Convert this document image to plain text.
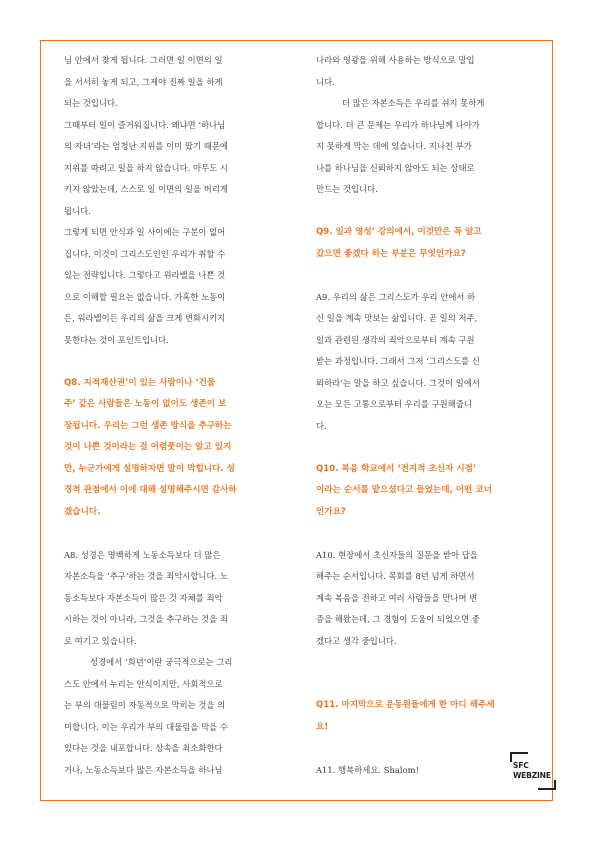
님 안에서 찾게 됩니다. 그러면 일 이면의 일
을 서서히 놓게 되고, 그제야 진짜 일을 하게
되는 것입니다.
그때부터 일이 즐거워집니다. 왜냐면 ‘하나님
의 자녀’라는 엄청난 지위를 이미 땄기 때문에
지위를 따려고 일을 하지 않습니다. 아무도 시
키지 않았는데, 스스로 일 이면의 일을 버리게
됩니다.
그렇게 되면 안식과 일 사이에는 구분이 없어
집니다. 이것이 그리스도인인 우리가 취할 수
있는 전략입니다. 그렇다고 위라밸을 나쁜 것
으로 이해할 필요는 없습니다. 가혹한 노동이
든, 워라밸이든 우리의 삶을 크게 변화시키지
못한다는 것이 포인트입니다.
Q8. 지적재산권’이 있는 사람이나 ‘건물
주’ 같은 사람들은 노동이 없이도 생존이 보
장됩니다. 우리는 그런 생존 방식을 추구하는
것이 나쁜 것이라는 걸 어렴풋이는 알고 있지
만, 누군가에게 설명하자면 말이 막힙니다. 성
경적 관점에서 이에 대해 설명해주시면 감사하
겠습니다.
A8. 성경은 명백하게 노동소득보다 더 많은
자본소득을 ‘추구’하는 것을 죄악시합니다. 노
동소득보다 자본소득이 많은 것 자체를 죄악
시하는 것이 아니라, 그것을 추구하는 것을 죄
로 여기고 있습니다.
성경에서 ‘희년’이란 궁극적으로는 그리
스도 안에서 누리는 안식이지만, 사회적으로
는 부의 대물림이 자동적으로 막히는 것을 의
미합니다. 이는 우리가 부의 대물림을 막을 수
있다는 것을 내포합니다. 상속을 최소화한다
거나, 노동소득보다 많은 자본소득을 하나님
나라와 영광을 위해 사용하는 방식으로 말입
니다.
더 많은 자본소득은 우리를 쉬지 못하게
합니다. 더 큰 문제는 우리가 하나님께 나아가
지 못하게 막는 데에 있습니다. 지나친 부가
나를 하나님을 신뢰하지 않아도 되는 상태로
만드는 것입니다.
Q9. 일과 영성’ 강의에서, 이것만은 꼭 알고
갔으면 좋겠다 하는 부분은 무엇인가요?
A9. 우리의 삶은 그리스도가 우리 안에서 하
신 일을 계속 맛보는 삶입니다. 곧 일의 저주,
일과 관련된 생각의 죄악으로부터 계속 구원
받는 과정입니다. 그래서 그저 ‘그리스도를 신
뢰하라’는 말을 하고 싶습니다. 그것이 일에서
오는 모든 고통으로부터 우리를 구원해줍니
다.
Q10. 복음 학교에서 ‘전지적 초신자 시점’
이라는 순서를 맡으셨다고 들었는데, 어떤 코너
인가요?
A10. 현장에서 초신자들의 질문을 받아 답을
해주는 순서입니다. 목회를 8년 넘게 하면서
계속 복음을 전하고 여러 사람들을 만나며 변
증을 해왔는데, 그 경험이 도움이 되었으면 좋
겠다고 생각 중입니다.
Q11. 마지막으로 운동원들에게 한 마디 해주세
요!
A11. 행복하세요. Shalom!	SFC
WEBZINE
